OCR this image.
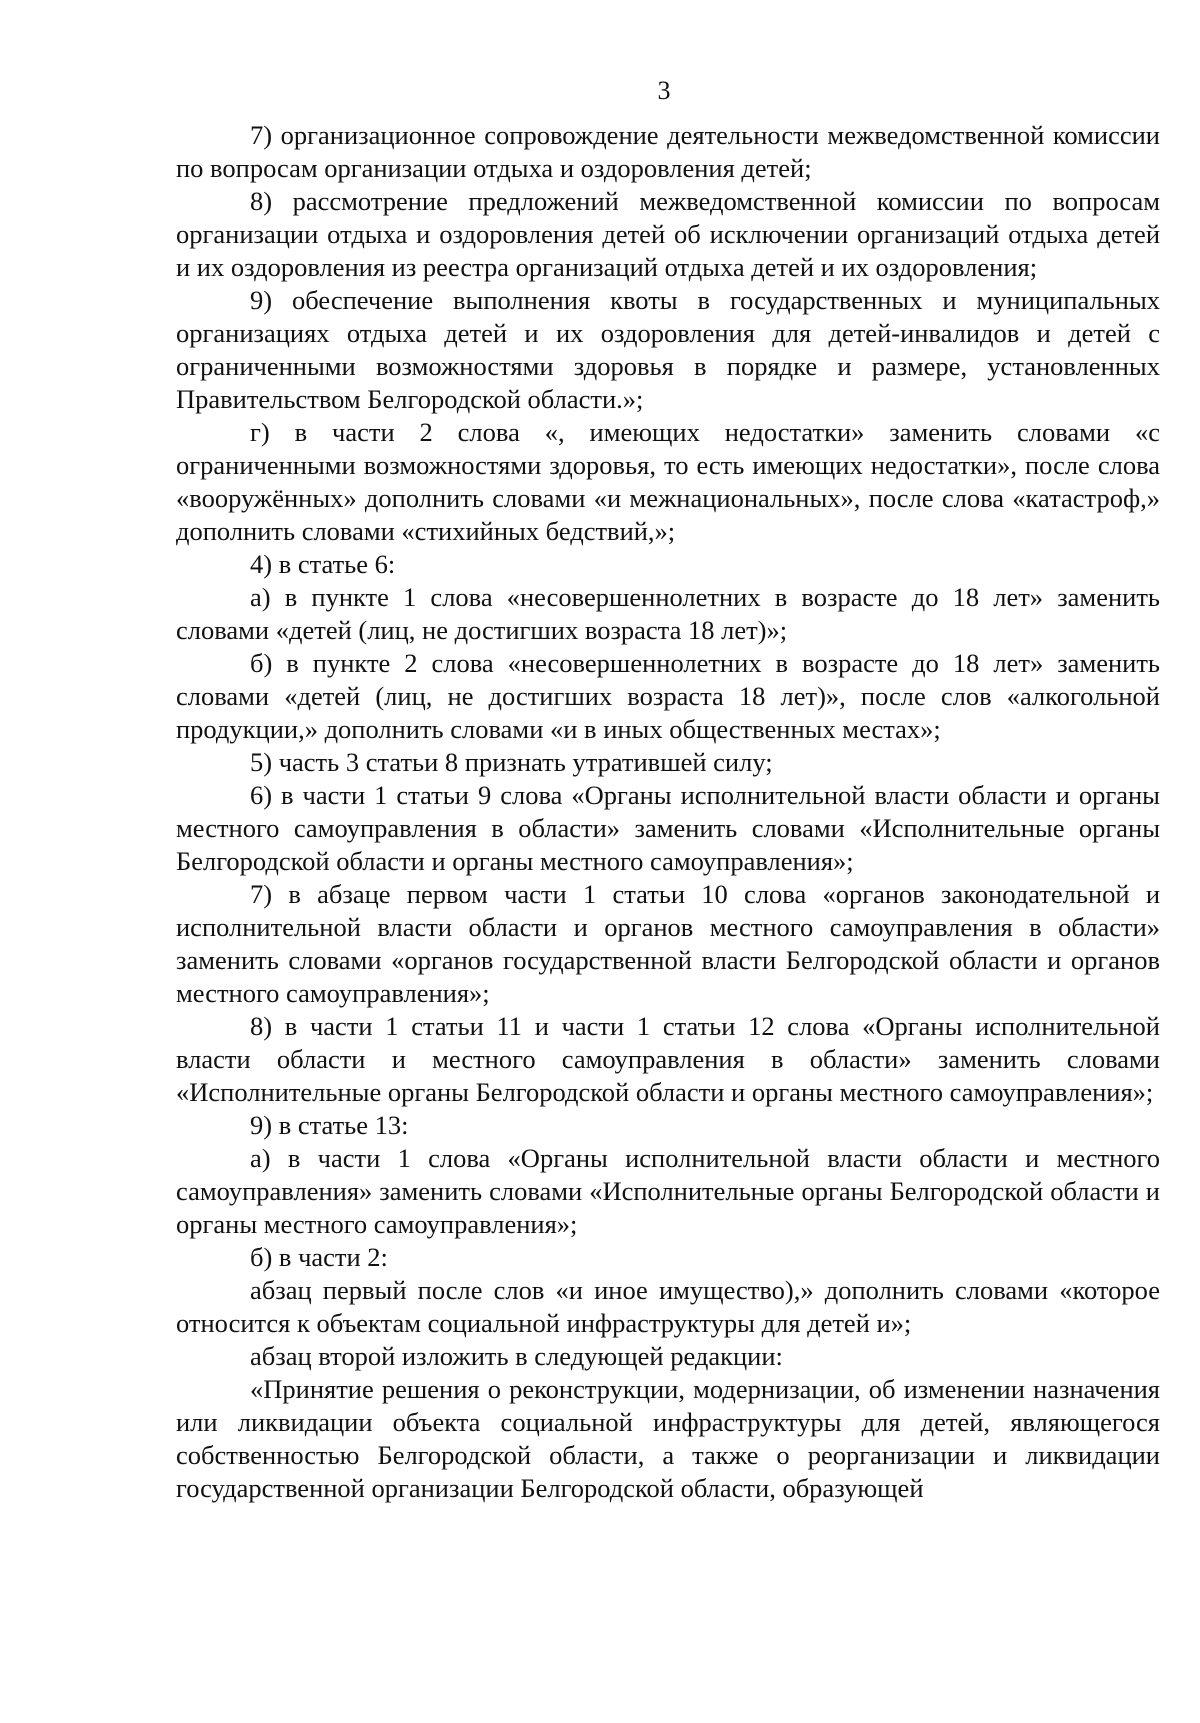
3

7) организационное сопровождение деятельности межведомственной комиссии по вопросам организации отдыха и оздоровления детей;

8) рассмотрение предложений межведомственной комиссии по вопросам организации отдыха и оздоровления детей об исключении организаций отдыха детей и их оздоровления из реестра организаций отдыха детей и их оздоровления;

9) обеспечение выполнения квоты в государственных и муниципальных организациях отдыха детей и их оздоровления для детей-инвалидов и детей с ограниченными возможностями здоровья в порядке и размере, установленных Правительством Белгородской области.»;

г) в части 2 слова «, имеющих недостатки» заменить словами «с ограниченными возможностями здоровья, то есть имеющих недостатки», после слова «вооружённых» дополнить словами «и межнациональных», после слова «катастроф,» дополнить словами «стихийных бедствий,»;

4) в статье 6:

а) в пункте 1 слова «несовершеннолетних в возрасте до 18 лет» заменить словами «детей (лиц, не достигших возраста 18 лет)»;

б) в пункте 2 слова «несовершеннолетних в возрасте до 18 лет» заменить словами «детей (лиц, не достигших возраста 18 лет)», после слов «алкогольной продукции,» дополнить словами «и в иных общественных местах»;

5) часть 3 статьи 8 признать утратившей силу;

6) в части 1 статьи 9 слова «Органы исполнительной власти области и органы местного самоуправления в области» заменить словами «Исполнительные органы Белгородской области и органы местного самоуправления»;

7) в абзаце первом части 1 статьи 10 слова «органов законодательной и исполнительной власти области и органов местного самоуправления в области» заменить словами «органов государственной власти Белгородской области и органов местного самоуправления»;

8) в части 1 статьи 11 и части 1 статьи 12 слова «Органы исполнительной власти области и местного самоуправления в области» заменить словами «Исполнительные органы Белгородской области и органы местного самоуправления»;

9) в статье 13:

а) в части 1 слова «Органы исполнительной власти области и местного самоуправления» заменить словами «Исполнительные органы Белгородской области и органы местного самоуправления»;

б) в части 2:

абзац первый после слов «и иное имущество),» дополнить словами «которое относится к объектам социальной инфраструктуры для детей и»;

абзац второй изложить в следующей редакции:

«Принятие решения о реконструкции, модернизации, об изменении назначения или ликвидации объекта социальной инфраструктуры для детей, являющегося собственностью Белгородской области, а также о реорганизации и ликвидации государственной организации Белгородской области, образующей
